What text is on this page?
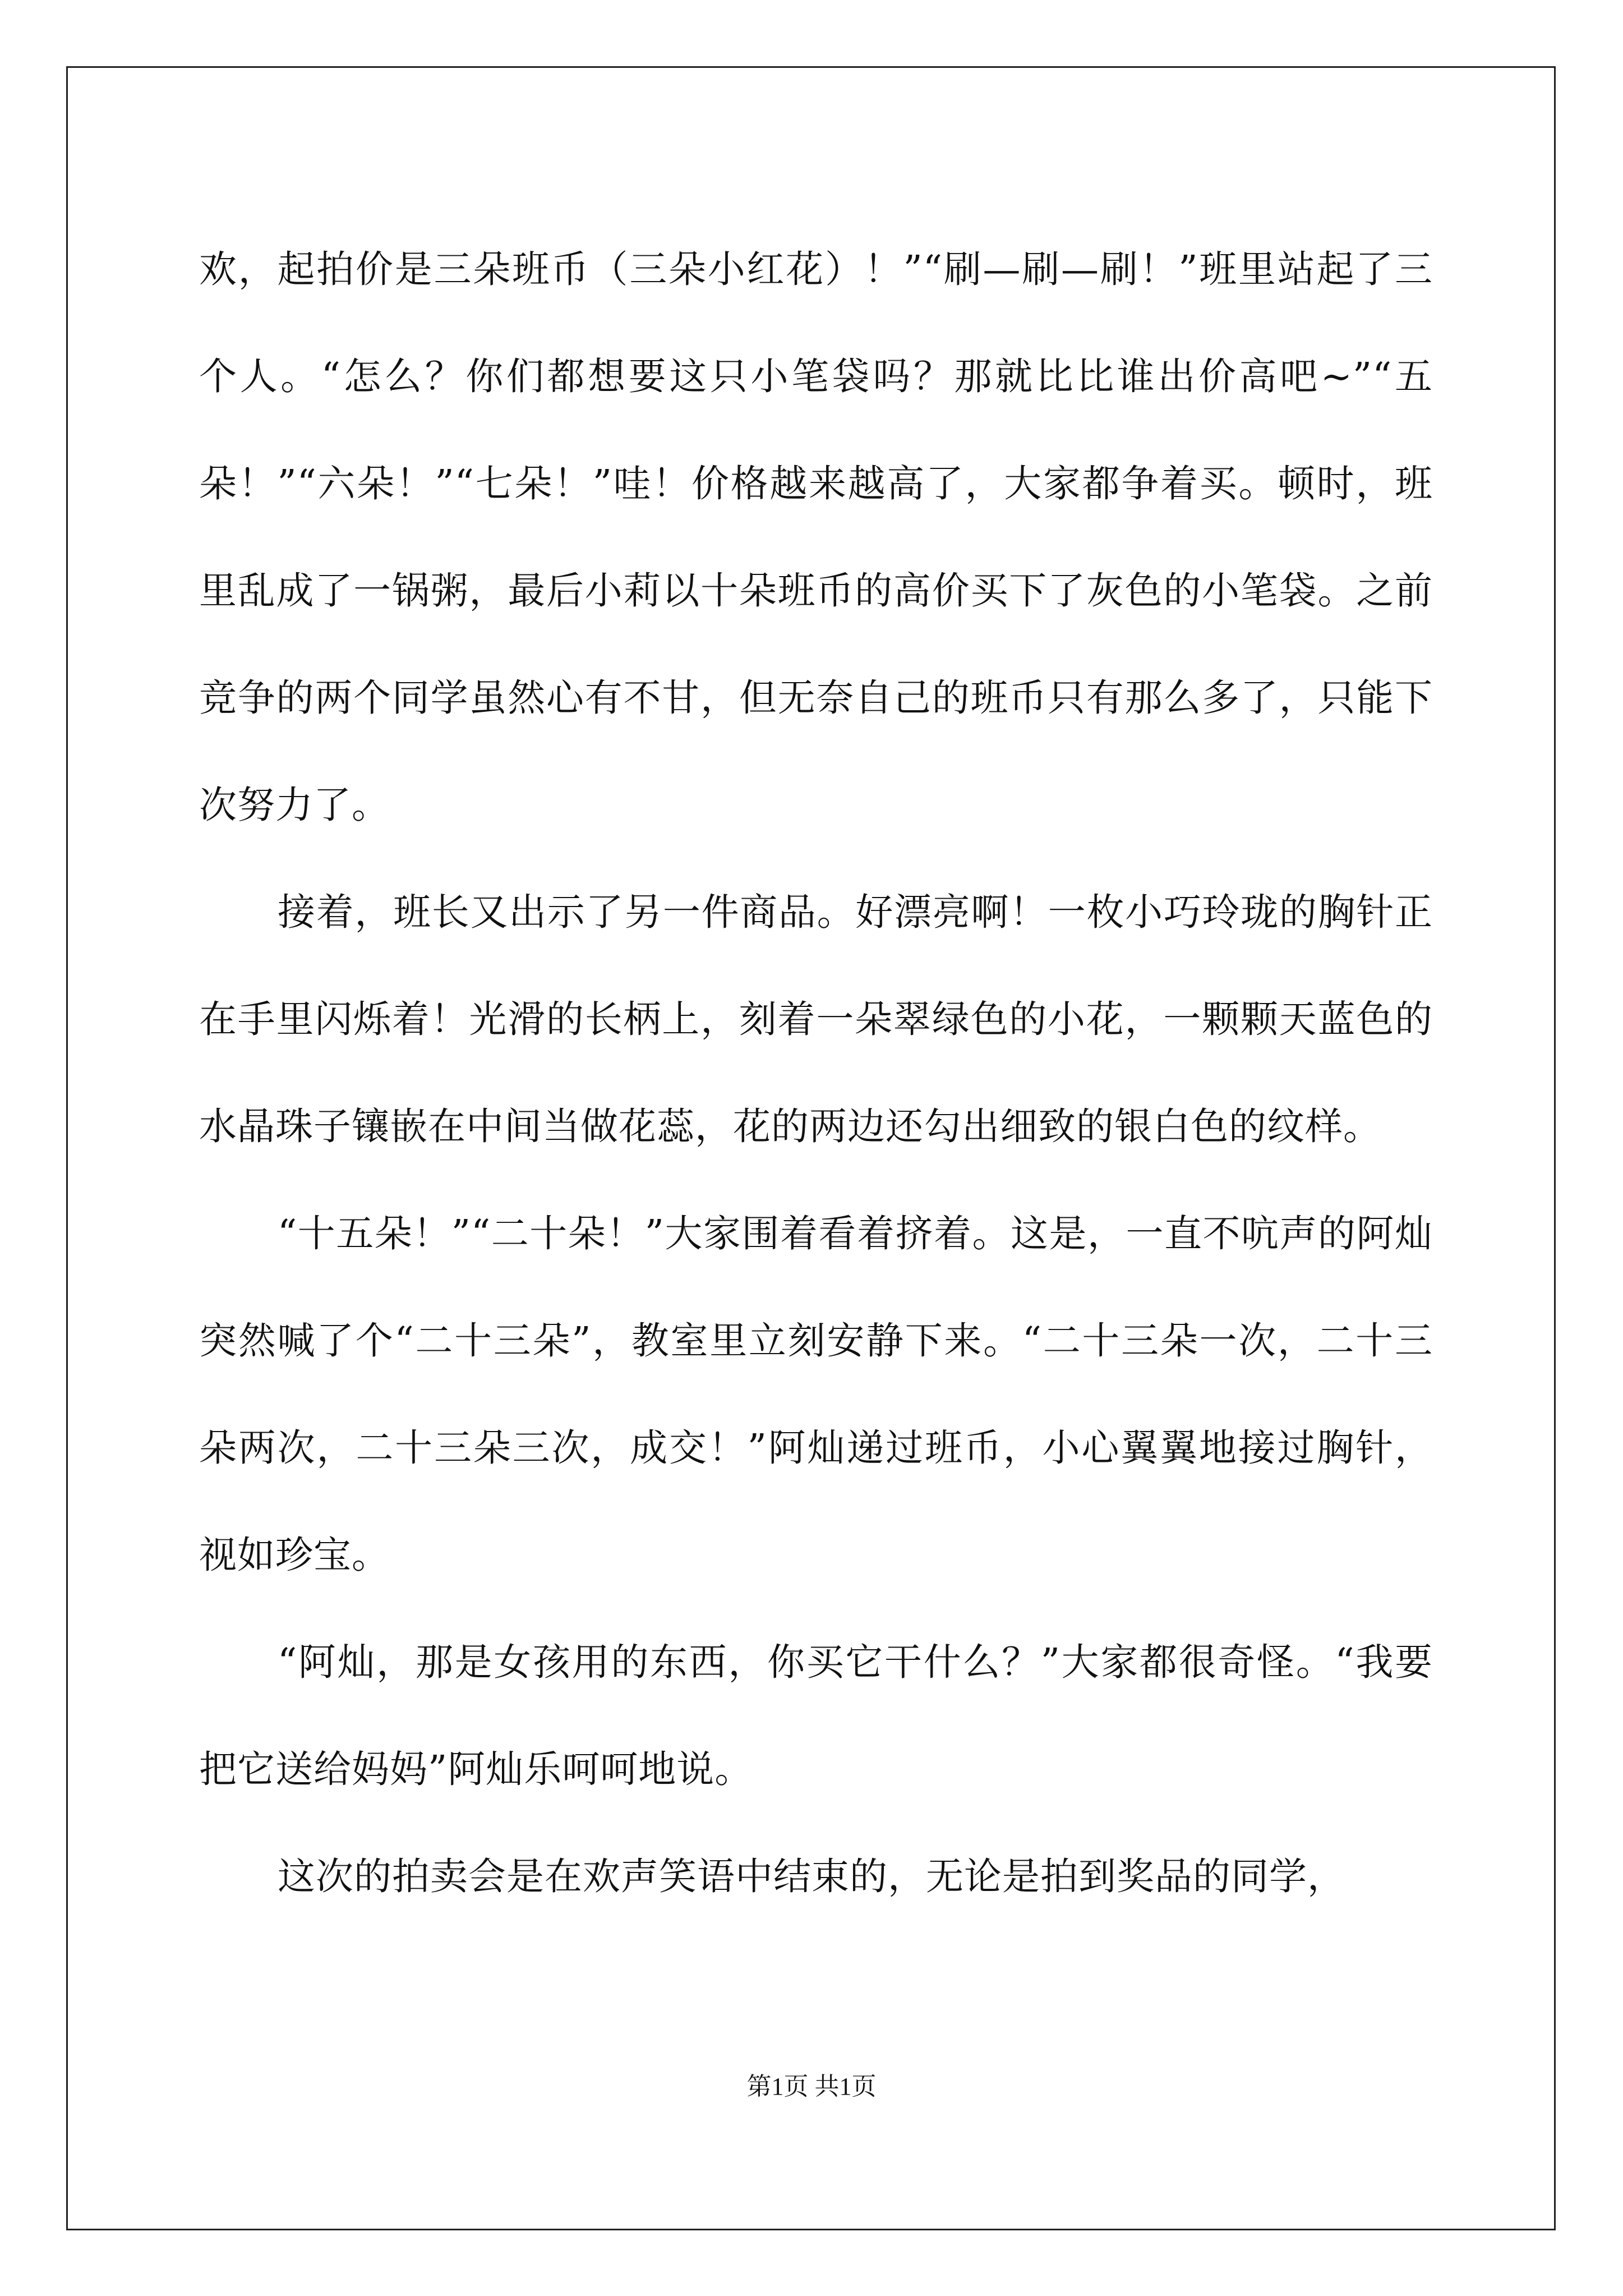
欢，起拍价是三朵班币（三朵小红花）！”“刷—刷—刷！”班里站起了三个人。“怎么？你们都想要这只小笔袋吗？那就比比谁出价高吧~”“五朵！”“六朵！”“七朵！”哇！价格越来越高了，大家都争着买。顿时，班里乱成了一锅粥，最后小莉以十朵班币的高价买下了灰色的小笔袋。之前竞争的两个同学虽然心有不甘，但无奈自己的班币只有那么多了，只能下次努力了。

接着，班长又出示了另一件商品。好漂亮啊！一枚小巧玲珑的胸针正在手里闪烁着！光滑的长柄上，刻着一朵翠绿色的小花，一颗颗天蓝色的水晶珠子镶嵌在中间当做花蕊，花的两边还勾出细致的银白色的纹样。

“十五朵！”“二十朵！”大家围着看着挤着。这是，一直不吭声的阿灿突然喊了个“二十三朵”，教室里立刻安静下来。“二十三朵一次，二十三朵两次，二十三朵三次，成交！”阿灿递过班币，小心翼翼地接过胸针，视如珍宝。

“阿灿，那是女孩用的东西，你买它干什么？”大家都很奇怪。“我要把它送给妈妈”阿灿乐呵呵地说。

这次的拍卖会是在欢声笑语中结束的，无论是拍到奖品的同学，

第1页 共1页
